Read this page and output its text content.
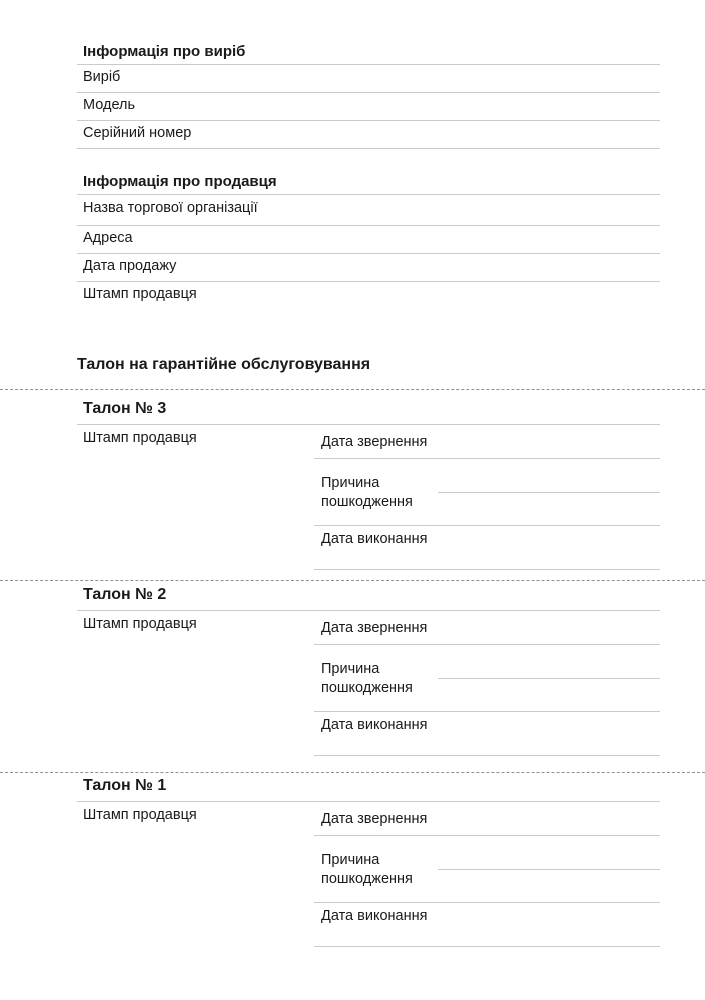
Інформація про виріб
Виріб
Модель
Серійний номер
Інформація про продавця
Назва торгової організації
Адреса
Дата продажу
Штамп продавця
Талон на гарантійне обслуговування
Талон № 3
Штамп продавця	Дата звернення
Причина пошкодження
Дата виконання
Талон № 2
Штамп продавця	Дата звернення
Причина пошкодження
Дата виконання
Талон № 1
Штамп продавця	Дата звернення
Причина пошкодження
Дата виконання
